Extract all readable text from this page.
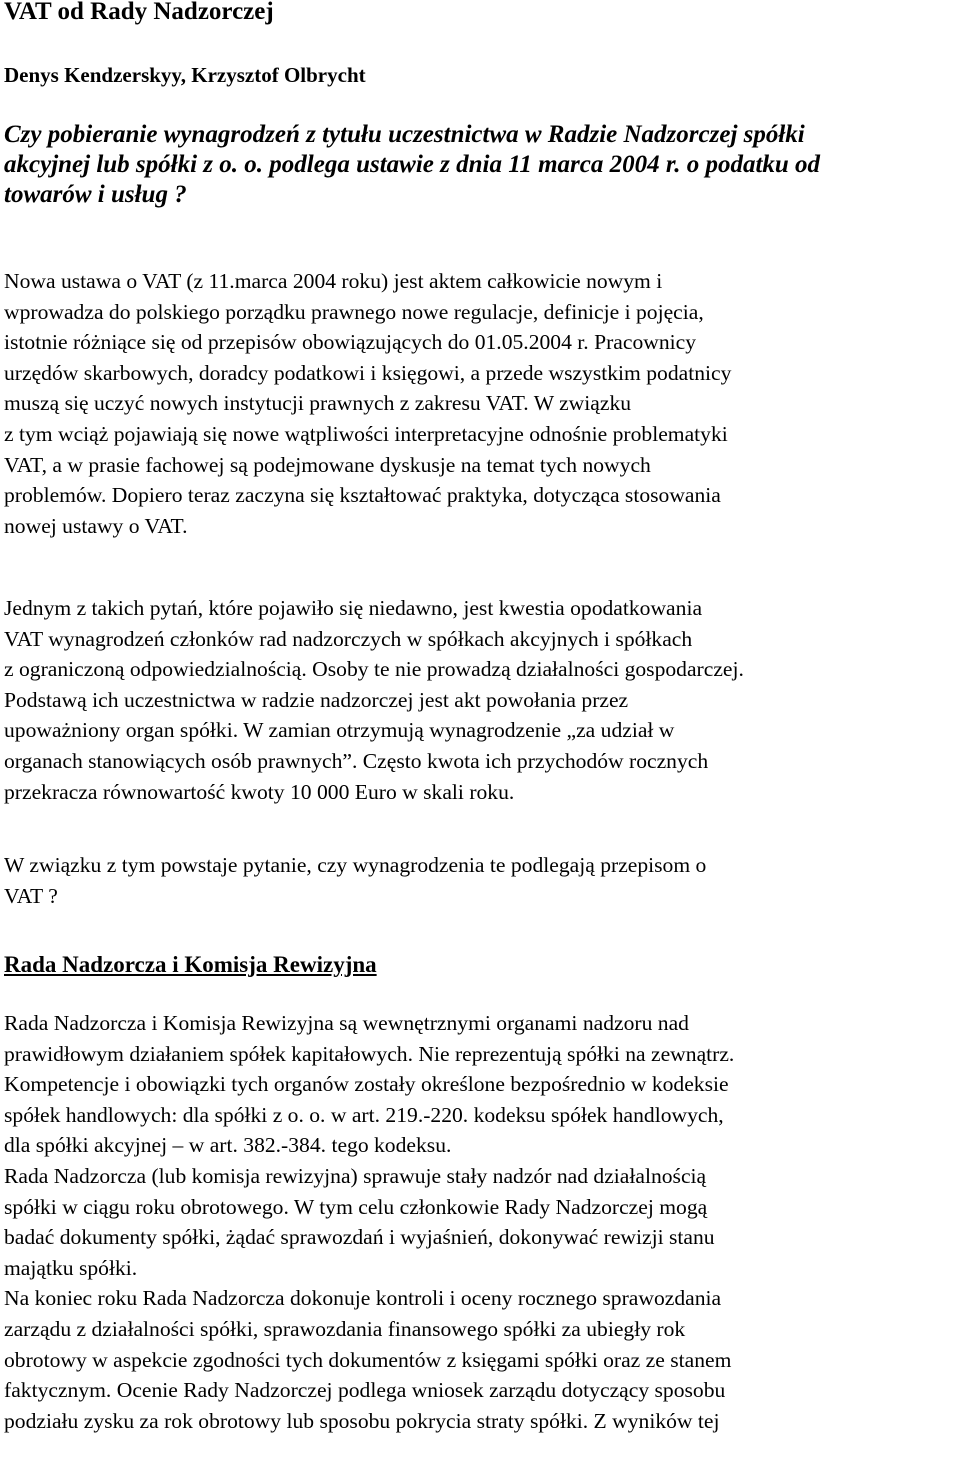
VAT od Rady Nadzorczej

Denys Kendzerskyy, Krzysztof Olbrycht

Czy pobieranie wynagrodzeń z tytułu uczestnictwa w Radzie Nadzorczej spółki
akcyjnej lub spółki z o. o. podlega ustawie z dnia 11 marca 2004 r. o podatku od
towarów i usług ?

Nowa ustawa o VAT (z 11.marca 2004 roku) jest aktem całkowicie nowym i
wprowadza do polskiego porządku prawnego nowe regulacje, definicje i pojęcia,
istotnie różniące się od przepisów obowiązujących do 01.05.2004 r. Pracownicy
urzędów skarbowych, doradcy podatkowi i księgowi, a przede wszystkim podatnicy
muszą się uczyć nowych instytucji prawnych z zakresu VAT. W związku
z tym wciąż pojawiają się nowe wątpliwości interpretacyjne odnośnie problematyki
VAT, a w prasie fachowej są podejmowane dyskusje na temat tych nowych
problemów. Dopiero teraz zaczyna się kształtować praktyka, dotycząca stosowania
nowej ustawy o VAT.

Jednym z takich pytań, które pojawiło się niedawno, jest kwestia opodatkowania
VAT wynagrodzeń członków rad nadzorczych w spółkach akcyjnych i spółkach
z ograniczoną odpowiedzialnością. Osoby te nie prowadzą działalności gospodarczej.
Podstawą ich uczestnictwa w radzie nadzorczej jest akt powołania przez
upoważniony organ spółki. W zamian otrzymują wynagrodzenie „za udział w
organach stanowiących osób prawnych”. Często kwota ich przychodów rocznych
przekracza równowartość kwoty 10 000 Euro w skali roku.

W związku z tym powstaje pytanie, czy wynagrodzenia te podlegają przepisom o
VAT ?

Rada Nadzorcza i Komisja Rewizyjna

Rada Nadzorcza i Komisja Rewizyjna są wewnętrznymi organami nadzoru nad
prawidłowym działaniem spółek kapitałowych. Nie reprezentują spółki na zewnątrz.
Kompetencje i obowiązki tych organów zostały określone bezpośrednio w kodeksie
spółek handlowych: dla spółki z o. o. w art. 219.-220. kodeksu spółek handlowych,
dla spółki akcyjnej – w art. 382.-384. tego kodeksu.
Rada Nadzorcza (lub komisja rewizyjna) sprawuje stały nadzór nad działalnością
spółki w ciągu roku obrotowego. W tym celu członkowie Rady Nadzorczej mogą
badać dokumenty spółki, żądać sprawozdań i wyjaśnień, dokonywać rewizji stanu
majątku spółki.
Na koniec roku Rada Nadzorcza dokonuje kontroli i oceny rocznego sprawozdania
zarządu z działalności spółki, sprawozdania finansowego spółki za ubiegły rok
obrotowy w aspekcie zgodności tych dokumentów z księgami spółki oraz ze stanem
faktycznym. Ocenie Rady Nadzorczej podlega wniosek zarządu dotyczący sposobu
podziału zysku za rok obrotowy lub sposobu pokrycia straty spółki. Z wyników tej
